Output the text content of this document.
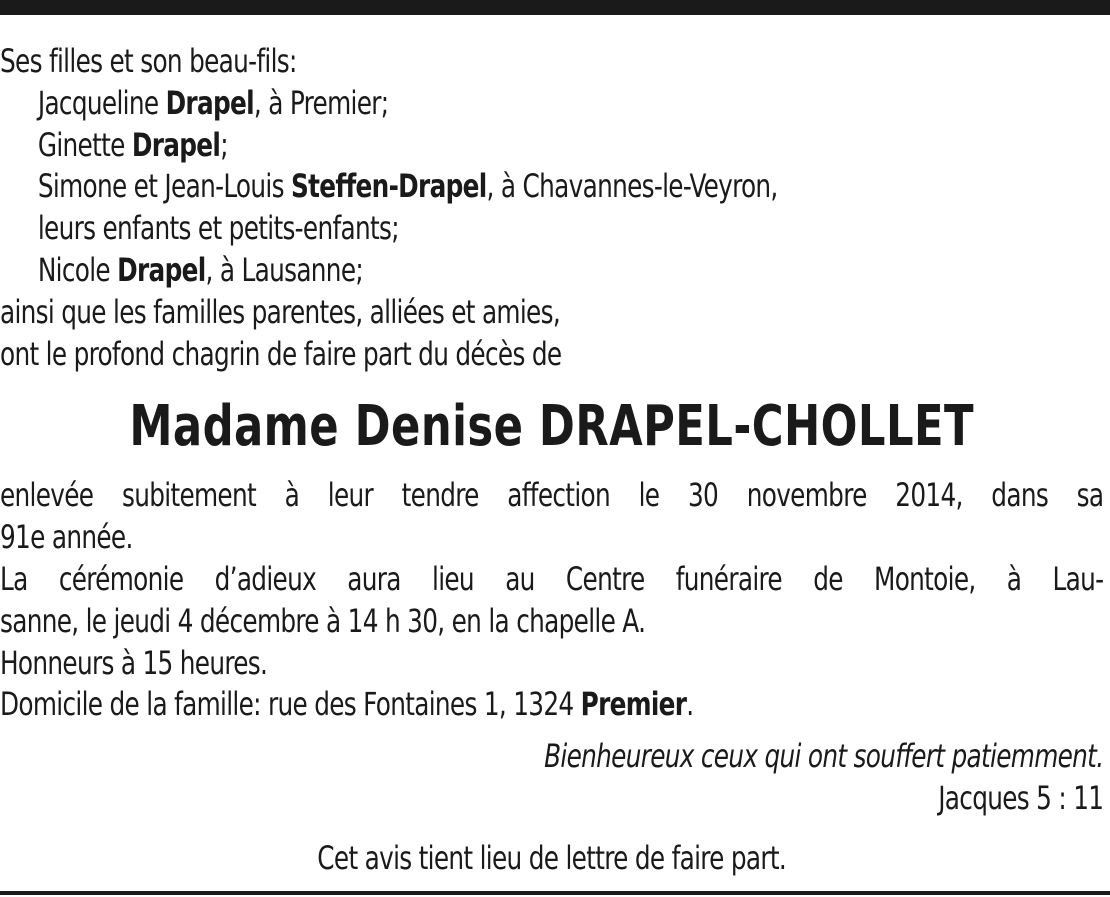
Ses filles et son beau-fils:
Jacqueline Drapel, à Premier;
Ginette Drapel;
Simone et Jean-Louis Steffen-Drapel, à Chavannes-le-Veyron,
leurs enfants et petits-enfants;
Nicole Drapel, à Lausanne;
ainsi que les familles parentes, alliées et amies,
ont le profond chagrin de faire part du décès de
Madame Denise DRAPEL-CHOLLET
enlevée subitement à leur tendre affection le 30 novembre 2014, dans sa
91e année.
La cérémonie d’adieux aura lieu au Centre funéraire de Montoie, à Lau-
sanne, le jeudi 4 décembre à 14 h 30, en la chapelle A.
Honneurs à 15 heures.
Domicile de la famille: rue des Fontaines 1, 1324 Premier.
Bienheureux ceux qui ont souffert patiemment.
Jacques 5 : 11
Cet avis tient lieu de lettre de faire part.
